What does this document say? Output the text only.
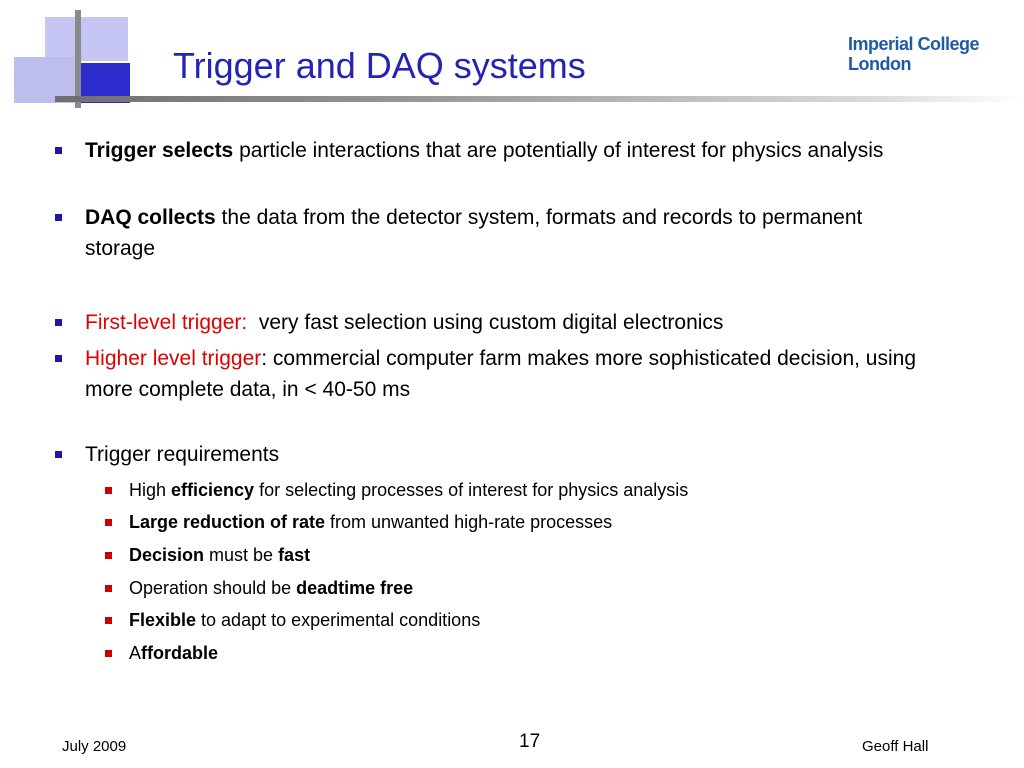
Trigger and DAQ systems
Imperial College
London
Trigger selects particle interactions that are potentially of interest for physics analysis
DAQ collects the data from the detector system, formats and records to permanent storage
First-level trigger:  very fast selection using custom digital electronics
Higher level trigger: commercial computer farm makes more sophisticated decision, using more complete data, in < 40-50 ms
Trigger requirements
High efficiency for selecting processes of interest for physics analysis
Large reduction of rate from unwanted high-rate processes
Decision must be fast
Operation should be deadtime free
Flexible to adapt to experimental conditions
Affordable
July 2009	17	Geoff Hall
